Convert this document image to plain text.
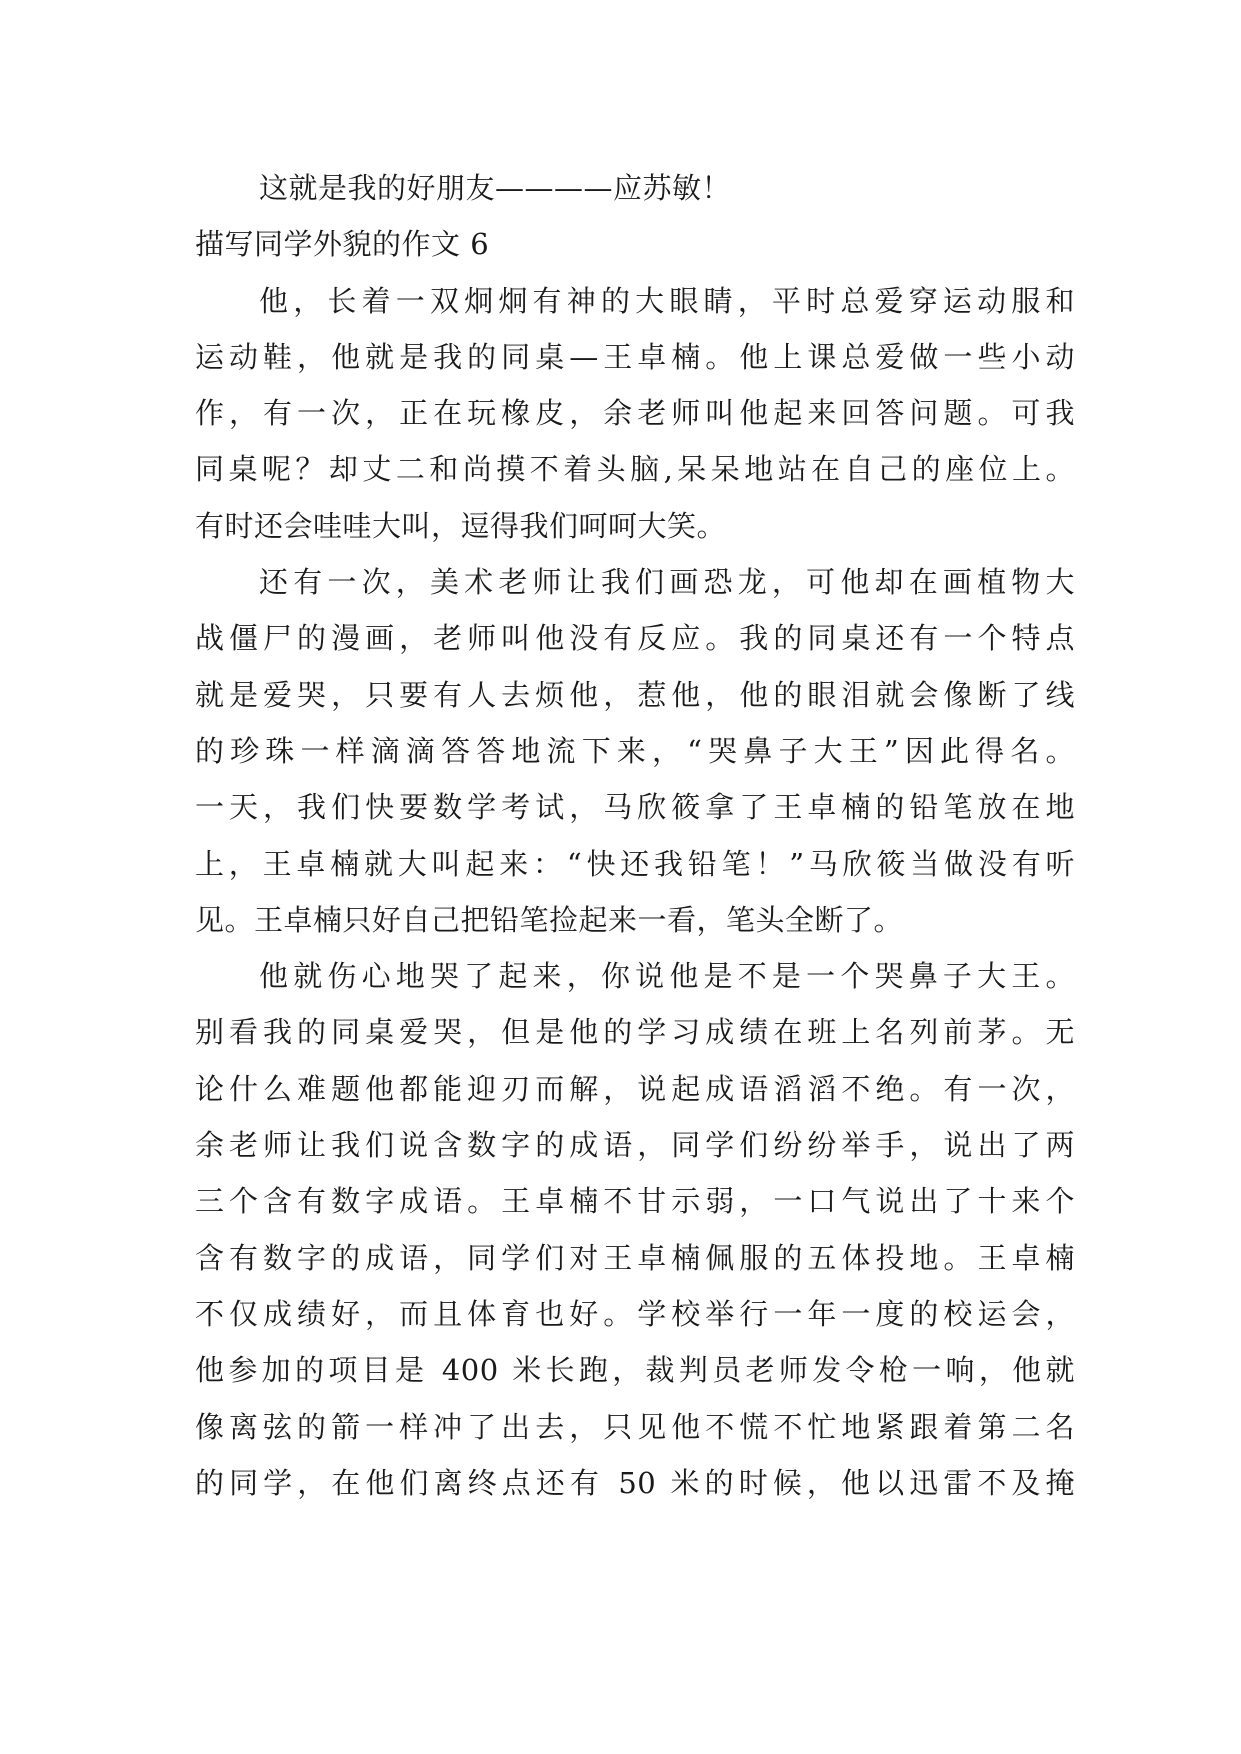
这就是我的好朋友————应苏敏！
描写同学外貌的作文 6
他，长着一双炯炯有神的大眼睛，平时总爱穿运动服和
运动鞋，他就是我的同桌—王卓楠。他上课总爱做一些小动
作，有一次，正在玩橡皮，余老师叫他起来回答问题。可我
同桌呢？却丈二和尚摸不着头脑,呆呆地站在自己的座位上。
有时还会哇哇大叫，逗得我们呵呵大笑。
还有一次，美术老师让我们画恐龙，可他却在画植物大
战僵尸的漫画，老师叫他没有反应。我的同桌还有一个特点
就是爱哭，只要有人去烦他，惹他，他的眼泪就会像断了线
的珍珠一样滴滴答答地流下来，“哭鼻子大王”因此得名。
一天，我们快要数学考试，马欣筱拿了王卓楠的铅笔放在地
上，王卓楠就大叫起来：“快还我铅笔！”马欣筱当做没有听
见。王卓楠只好自己把铅笔捡起来一看，笔头全断了。
他就伤心地哭了起来，你说他是不是一个哭鼻子大王。
别看我的同桌爱哭，但是他的学习成绩在班上名列前茅。无
论什么难题他都能迎刃而解，说起成语滔滔不绝。有一次，
余老师让我们说含数字的成语，同学们纷纷举手，说出了两
三个含有数字成语。王卓楠不甘示弱，一口气说出了十来个
含有数字的成语，同学们对王卓楠佩服的五体投地。王卓楠
不仅成绩好，而且体育也好。学校举行一年一度的校运会，
他参加的项目是 400 米长跑，裁判员老师发令枪一响，他就
像离弦的箭一样冲了出去，只见他不慌不忙地紧跟着第二名
的同学，在他们离终点还有 50 米的时候，他以迅雷不及掩
